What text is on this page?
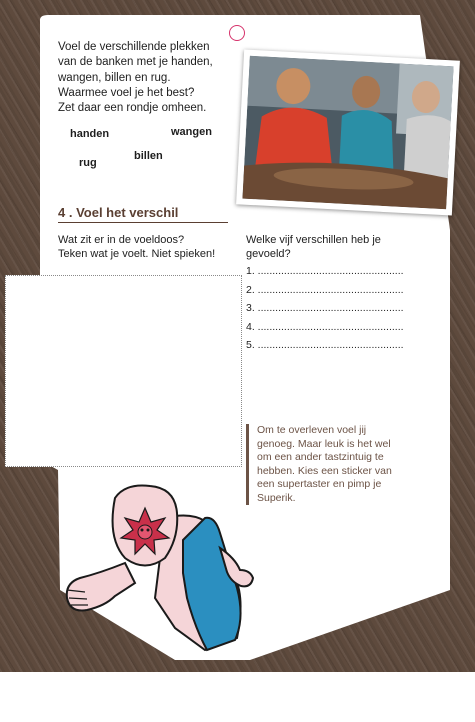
Voel de verschillende plekken
van de banken met je handen,
wangen, billen en rug.
Waarmee voel je het best?
Zet daar een rondje omheen.
handen	wangen
billen
rug
4 . Voel het verschil
Wat zit er in de voeldoos?
Teken wat je voelt. Niet spieken!
Welke vijf verschillen heb je
gevoeld?
1. ..................................................
2. ..................................................
3. ..................................................
4. ..................................................
5. ..................................................
Om te overleven voel jij
genoeg. Maar leuk is het wel
om een ander tastzintuig te
hebben. Kies een sticker van
een supertaster en pimp je
Superik.
